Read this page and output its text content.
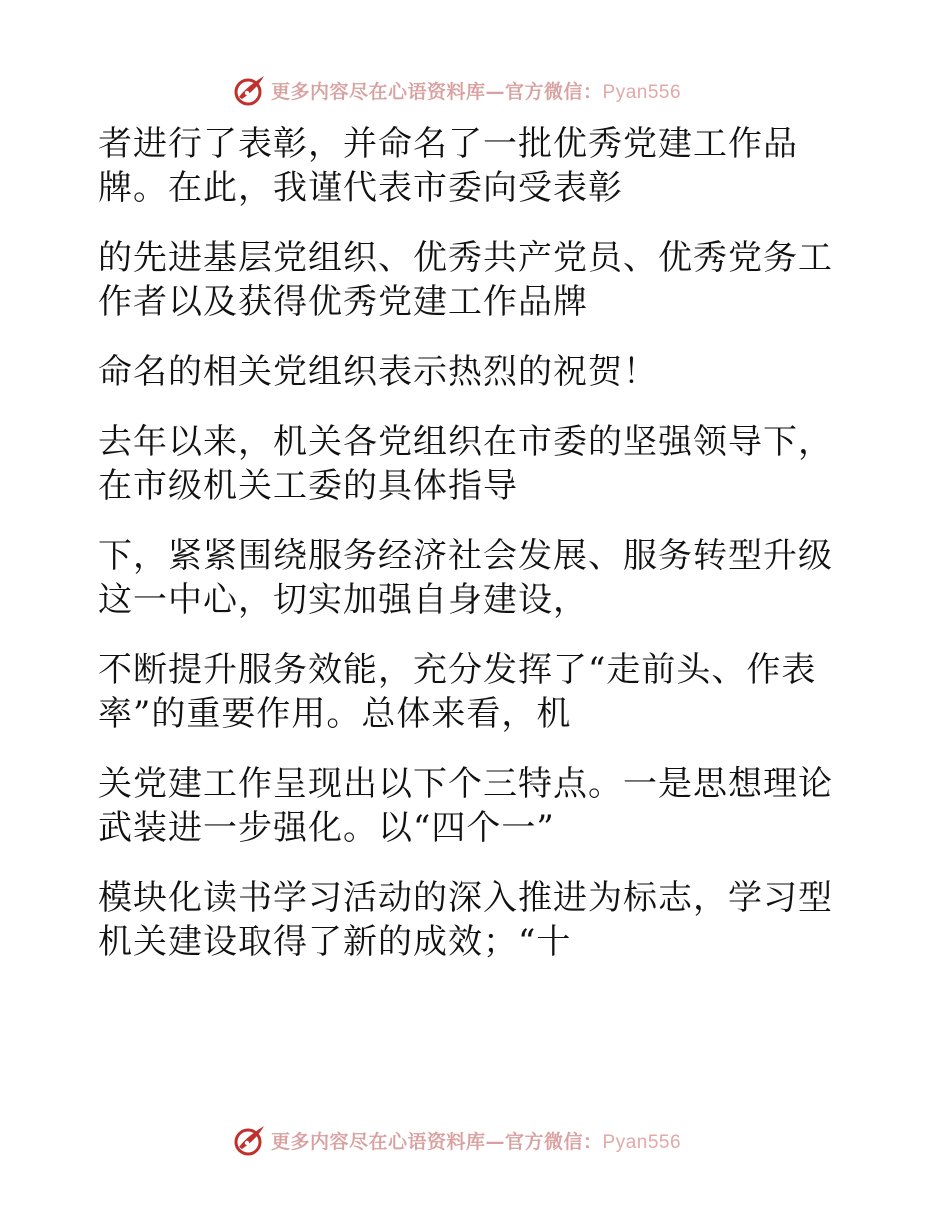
更多内容尽在心语资料库—官方微信：Pyan556
者进行了表彰，并命名了一批优秀党建工作品
牌。在此，我谨代表市委向受表彰
的先进基层党组织、优秀共产党员、优秀党务工
作者以及获得优秀党建工作品牌
命名的相关党组织表示热烈的祝贺！
去年以来，机关各党组织在市委的坚强领导下，
在市级机关工委的具体指导
下，紧紧围绕服务经济社会发展、服务转型升级
这一中心，切实加强自身建设，
不断提升服务效能，充分发挥了“走前头、作表
率”的重要作用。总体来看，机
关党建工作呈现出以下个三特点。一是思想理论
武装进一步强化。以“四个一”
模块化读书学习活动的深入推进为标志，学习型
机关建设取得了新的成效；“十
更多内容尽在心语资料库—官方微信：Pyan556
